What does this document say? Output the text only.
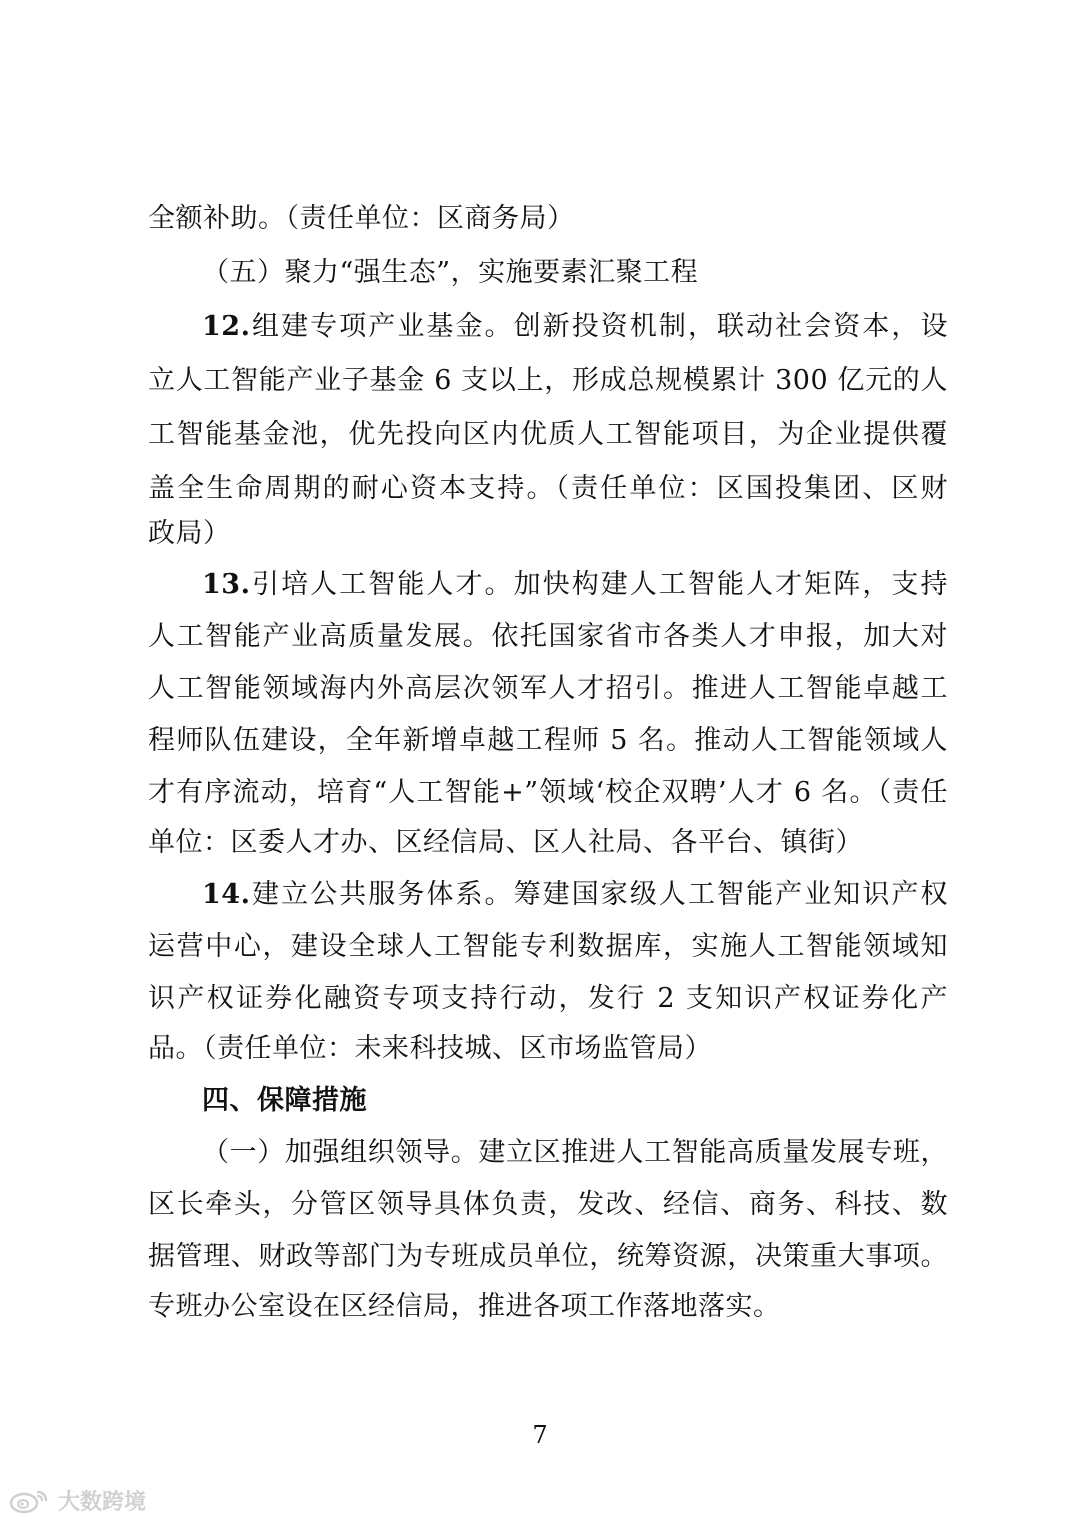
全额补助。（责任单位：区商务局）
（五）聚力“强生态”，实施要素汇聚工程
12.组建专项产业基金。创新投资机制，联动社会资本，设
立人工智能产业子基金 6 支以上，形成总规模累计 300 亿元的人
工智能基金池，优先投向区内优质人工智能项目，为企业提供覆
盖全生命周期的耐心资本支持。（责任单位：区国投集团、区财
政局）
13.引培人工智能人才。加快构建人工智能人才矩阵，支持
人工智能产业高质量发展。依托国家省市各类人才申报，加大对
人工智能领域海内外高层次领军人才招引。推进人工智能卓越工
程师队伍建设，全年新增卓越工程师 5 名。推动人工智能领域人
才有序流动，培育“人工智能+”领域‘校企双聘’人才 6 名。（责任
单位：区委人才办、区经信局、区人社局、各平台、镇街）
14.建立公共服务体系。筹建国家级人工智能产业知识产权
运营中心，建设全球人工智能专利数据库，实施人工智能领域知
识产权证券化融资专项支持行动，发行 2 支知识产权证券化产
品。（责任单位：未来科技城、区市场监管局）
四、保障措施
（一）加强组织领导。建立区推进人工智能高质量发展专班，
区长牵头，分管区领导具体负责，发改、经信、商务、科技、数
据管理、财政等部门为专班成员单位，统筹资源，决策重大事项。
专班办公室设在区经信局，推进各项工作落地落实。
7
大数跨境
